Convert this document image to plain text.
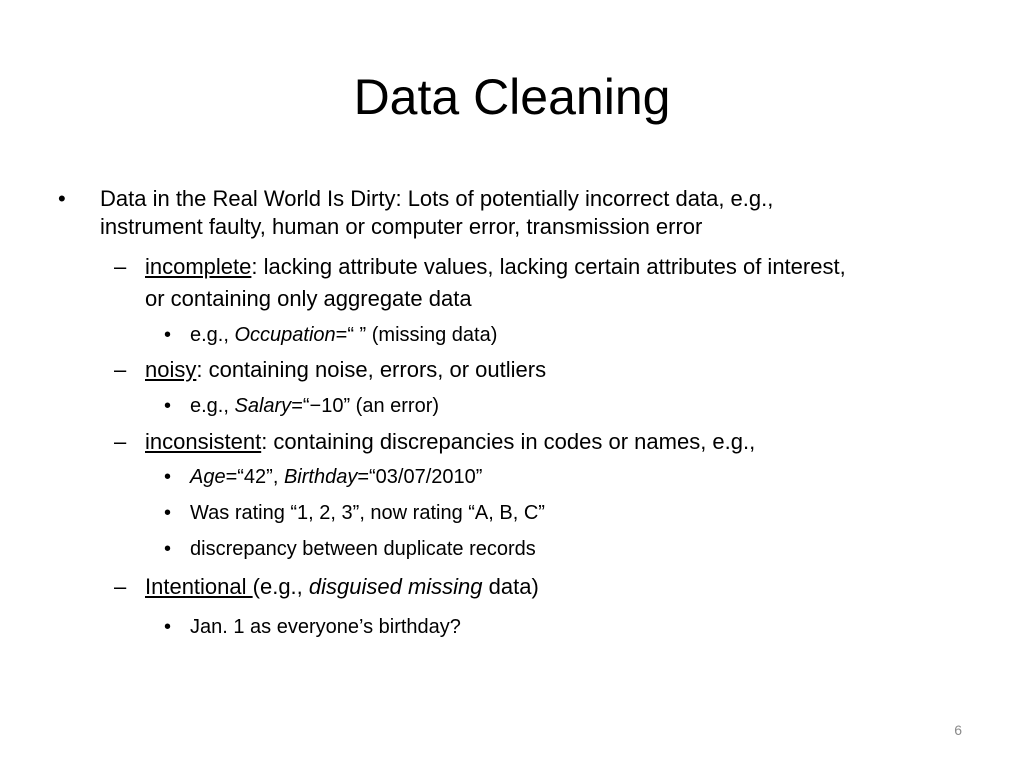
Data Cleaning
• Data in the Real World Is Dirty: Lots of potentially incorrect data, e.g.,
instrument faulty, human or computer error, transmission error
– incomplete: lacking attribute values, lacking certain attributes of interest,
or containing only aggregate data
• e.g., Occupation=“ ” (missing data)
– noisy: containing noise, errors, or outliers
• e.g., Salary=“−10” (an error)
– inconsistent: containing discrepancies in codes or names, e.g.,
• Age=“42”, Birthday=“03/07/2010”
• Was rating “1, 2, 3”, now rating “A, B, C”
• discrepancy between duplicate records
– Intentional (e.g., disguised missing data)
• Jan. 1 as everyone’s birthday?
6
